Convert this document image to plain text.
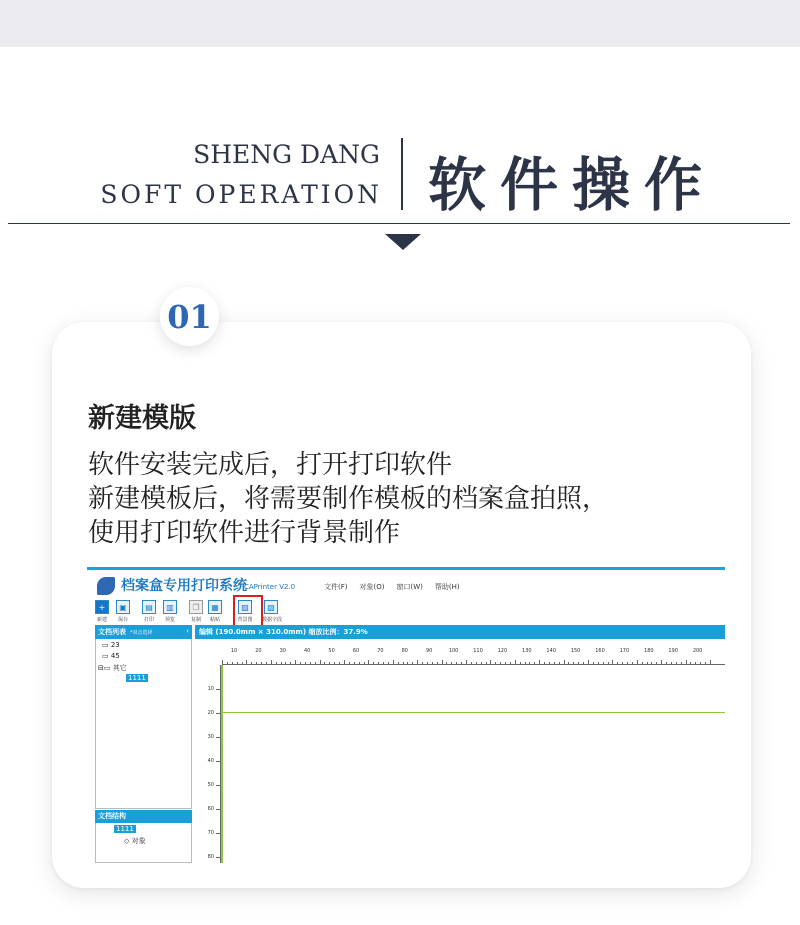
SHENG DANG
SOFT OPERATION 软件操作
01
新建模版
软件安装完成后，打开打印软件
新建模板后，将需要制作模板的档案盒拍照，
使用打印软件进行背景制作
档案盒专用打印系统
CAPrinter V2.0	文件(F) 对象(O) 窗口(W) 帮助(H)
+
新建
▣
保存
▤
打印
▥
预览
❐
复制
▦
粘贴
▨
背景图
▧
数据字段
文档列表 *双击选择	‹
▭ 23
▭ 45
⊟▭ 其它
1111
文档结构
1111
◇ 对象
编辑 (190.0mm × 310.0mm) 缩放比例：37.9%
10	20	30	40	50	60	70	80	90	100	110	120	130	140	150	160	170	180	190	200
10
20
30
40
50
60
70
80
